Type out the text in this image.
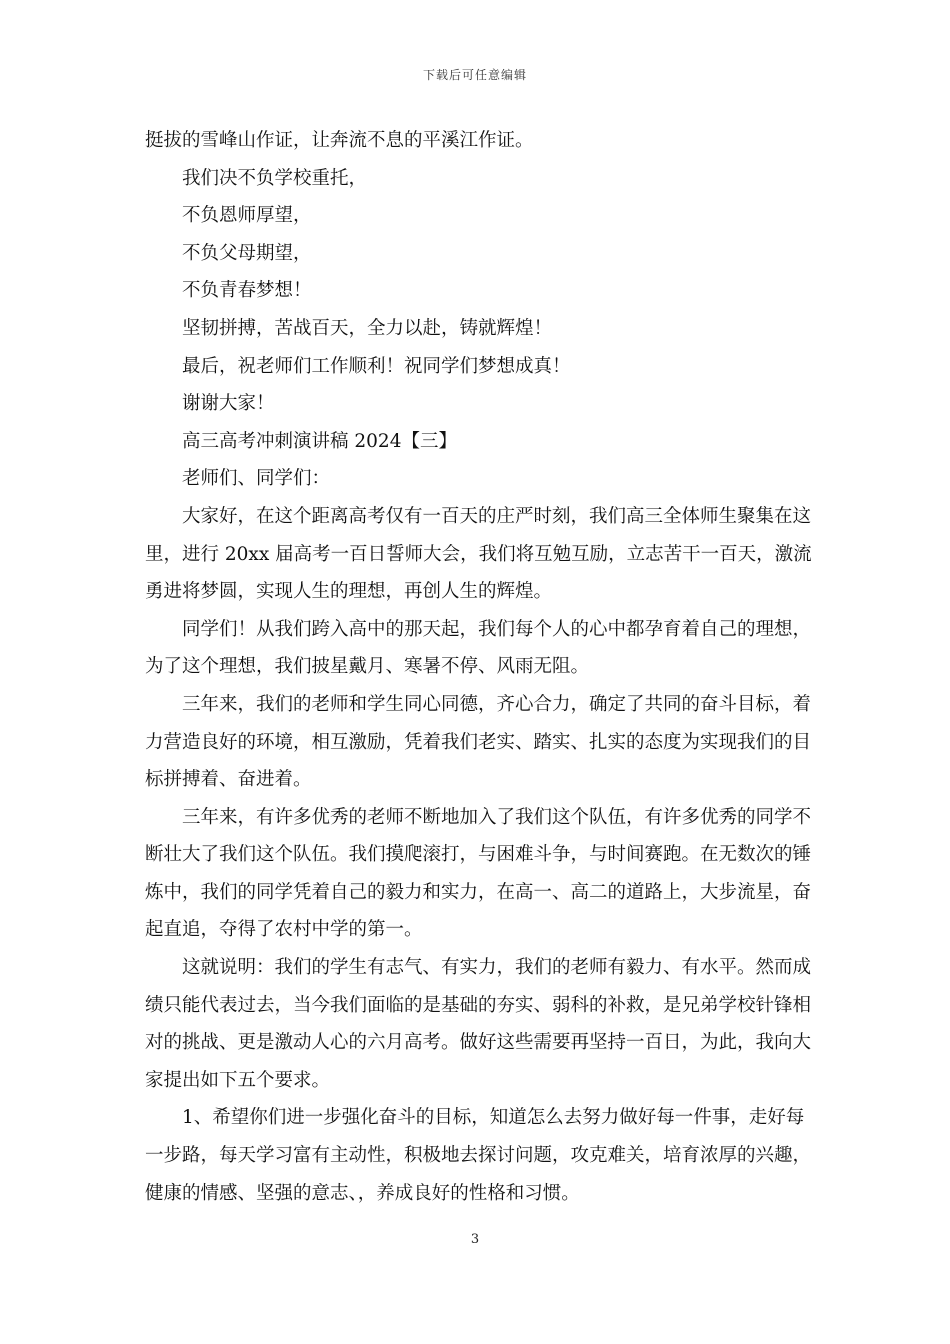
下载后可任意编辑

挺拔的雪峰山作证，让奔流不息的平溪江作证。

我们决不负学校重托，

不负恩师厚望，

不负父母期望，

不负青春梦想！

坚韧拼搏，苦战百天，全力以赴，铸就辉煌！

最后，祝老师们工作顺利！祝同学们梦想成真！

谢谢大家！

高三高考冲刺演讲稿 2024【三】

老师们、同学们：

大家好，在这个距离高考仅有一百天的庄严时刻，我们高三全体师生聚集在这里，进行 20xx 届高考一百日誓师大会，我们将互勉互励，立志苦干一百天，激流勇进将梦圆，实现人生的理想，再创人生的辉煌。

同学们！从我们跨入高中的那天起，我们每个人的心中都孕育着自己的理想，为了这个理想，我们披星戴月、寒暑不停、风雨无阻。

三年来，我们的老师和学生同心同德，齐心合力，确定了共同的奋斗目标，着力营造良好的环境，相互激励，凭着我们老实、踏实、扎实的态度为实现我们的目标拼搏着、奋进着。

三年来，有许多优秀的老师不断地加入了我们这个队伍，有许多优秀的同学不断壮大了我们这个队伍。我们摸爬滚打，与困难斗争，与时间赛跑。在无数次的锤炼中，我们的同学凭着自己的毅力和实力，在高一、高二的道路上，大步流星，奋起直追，夺得了农村中学的第一。

这就说明：我们的学生有志气、有实力，我们的老师有毅力、有水平。然而成绩只能代表过去，当今我们面临的是基础的夯实、弱科的补救，是兄弟学校针锋相对的挑战、更是激动人心的六月高考。做好这些需要再坚持一百日，为此，我向大家提出如下五个要求。

1、希望你们进一步强化奋斗的目标，知道怎么去努力做好每一件事，走好每一步路，每天学习富有主动性，积极地去探讨问题，攻克难关，培育浓厚的兴趣，健康的情感、坚强的意志、，养成良好的性格和习惯。

3
